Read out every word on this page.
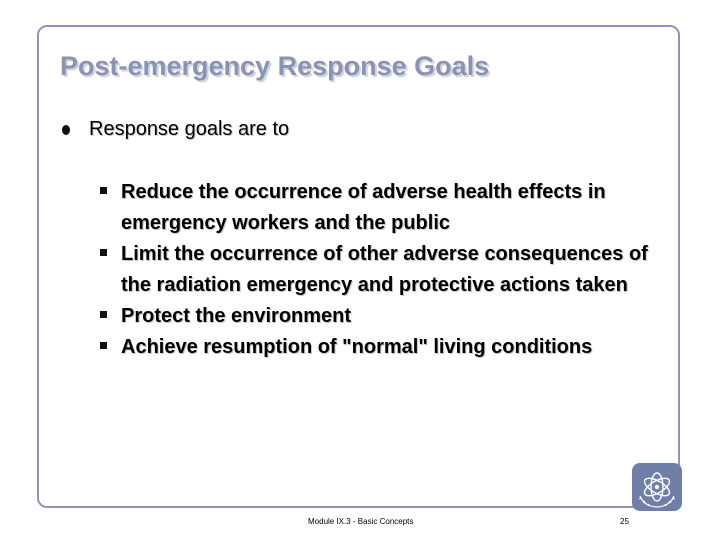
Post-emergency Response Goals
Response goals are to
Reduce the occurrence of adverse health effects in emergency workers and the public
Limit the occurrence of other adverse consequences of the radiation emergency and protective actions taken
Protect the environment
Achieve resumption of "normal" living conditions
Module IX.3 - Basic Concepts	25
